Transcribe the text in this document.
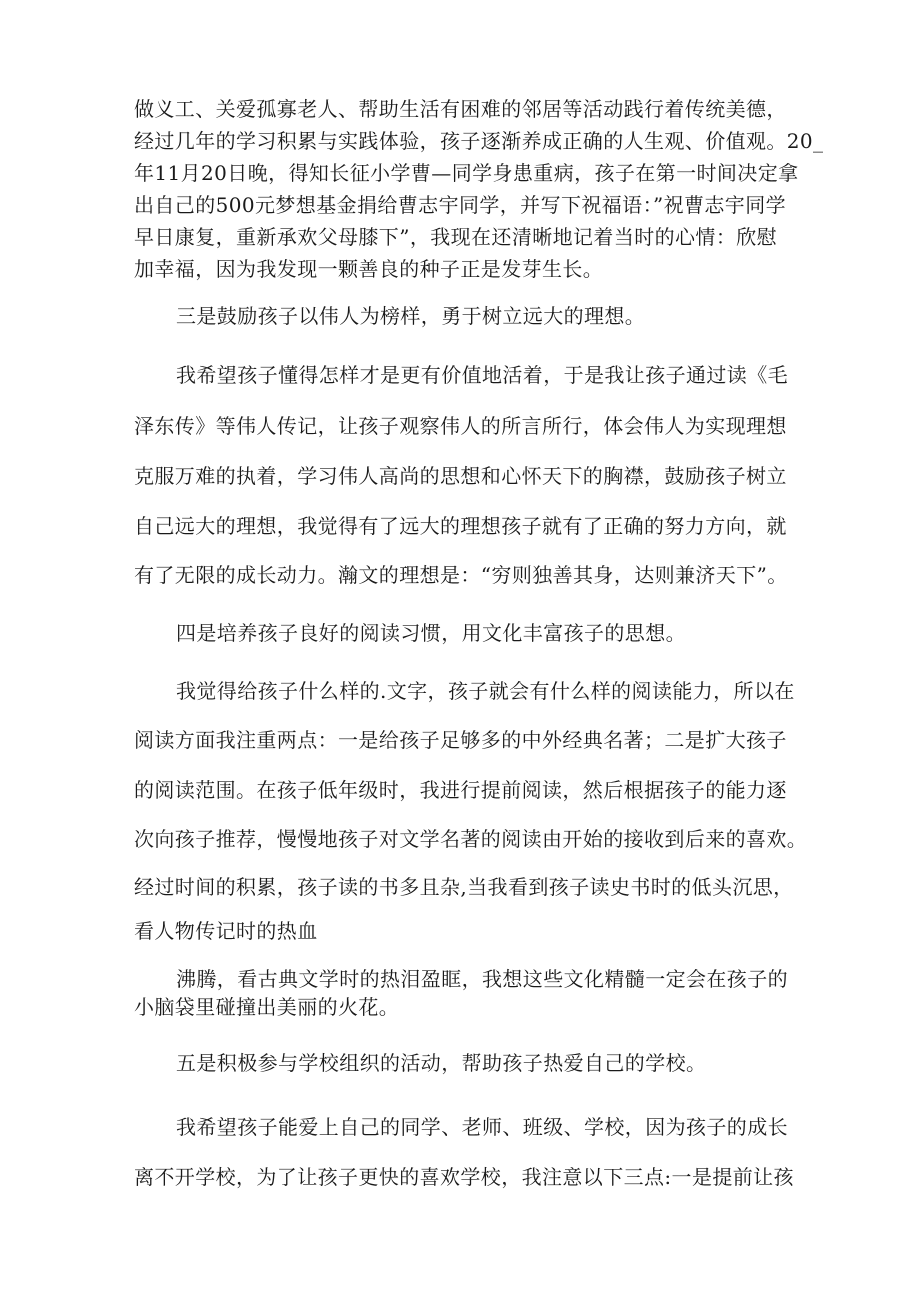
做义工、关爱孤寡老人、帮助生活有困难的邻居等活动践行着传统美德，
经过几年的学习积累与实践体验，孩子逐渐养成正确的人生观、价值观。20_
年11月20日晚，得知长征小学曹—同学身患重病，孩子在第一时间决定拿
出自己的500元梦想基金捐给曹志宇同学，并写下祝福语：”祝曹志宇同学
早日康复，重新承欢父母膝下”，我现在还清晰地记着当时的心情：欣慰
加幸福，因为我发现一颗善良的种子正是发芽生长。
三是鼓励孩子以伟人为榜样，勇于树立远大的理想。
我希望孩子懂得怎样才是更有价值地活着，于是我让孩子通过读《毛
泽东传》等伟人传记，让孩子观察伟人的所言所行，体会伟人为实现理想
克服万难的执着，学习伟人高尚的思想和心怀天下的胸襟，鼓励孩子树立
自己远大的理想，我觉得有了远大的理想孩子就有了正确的努力方向，就
有了无限的成长动力。瀚文的理想是：“穷则独善其身，达则兼济天下”。
四是培养孩子良好的阅读习惯，用文化丰富孩子的思想。
我觉得给孩子什么样的.文字，孩子就会有什么样的阅读能力，所以在
阅读方面我注重两点：一是给孩子足够多的中外经典名著；二是扩大孩子
的阅读范围。在孩子低年级时，我进行提前阅读，然后根据孩子的能力逐
次向孩子推荐，慢慢地孩子对文学名著的阅读由开始的接收到后来的喜欢。
经过时间的积累，孩子读的书多且杂,当我看到孩子读史书时的低头沉思，
看人物传记时的热血
沸腾，看古典文学时的热泪盈眶，我想这些文化精髓一定会在孩子的
小脑袋里碰撞出美丽的火花。
五是积极参与学校组织的活动，帮助孩子热爱自己的学校。
我希望孩子能爱上自己的同学、老师、班级、学校，因为孩子的成长
离不开学校，为了让孩子更快的喜欢学校，我注意以下三点:一是提前让孩
